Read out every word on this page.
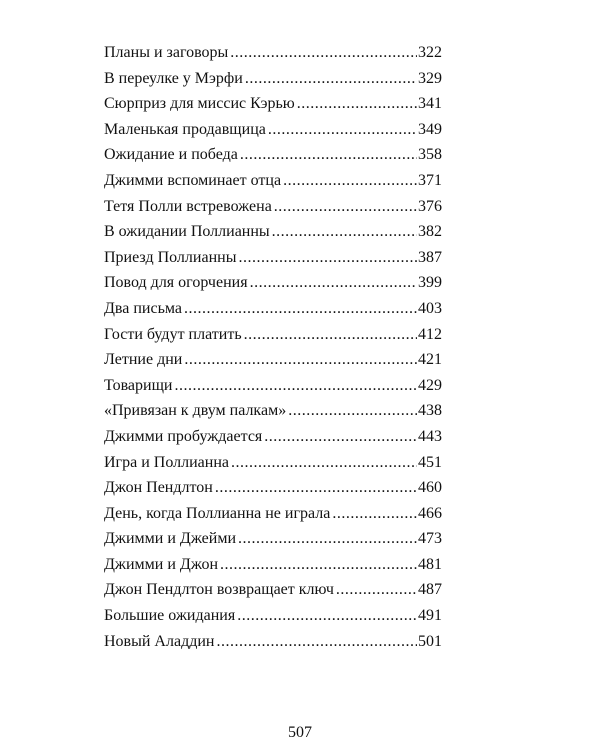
Планы и заговоры .....	322
В переулке у Мэрфи .....	329
Сюрприз для миссис Кэрью .....	341
Маленькая продавщица .....	349
Ожидание и победа .....	358
Джимми вспоминает отца .....	371
Тетя Полли встревожена .....	376
В ожидании Поллианны .....	382
Приезд Поллианны .....	387
Повод для огорчения .....	399
Два письма .....	403
Гости будут платить .....	412
Летние дни .....	421
Товарищи .....	429
«Привязан к двум палкам» .....	438
Джимми пробуждается .....	443
Игра и Поллианна .....	451
Джон Пендлтон .....	460
День, когда Поллианна не играла .....	466
Джимми и Джейми .....	473
Джимми и Джон .....	481
Джон Пендлтон возвращает ключ .....	487
Большие ожидания .....	491
Новый Аладдин .....	501
507
